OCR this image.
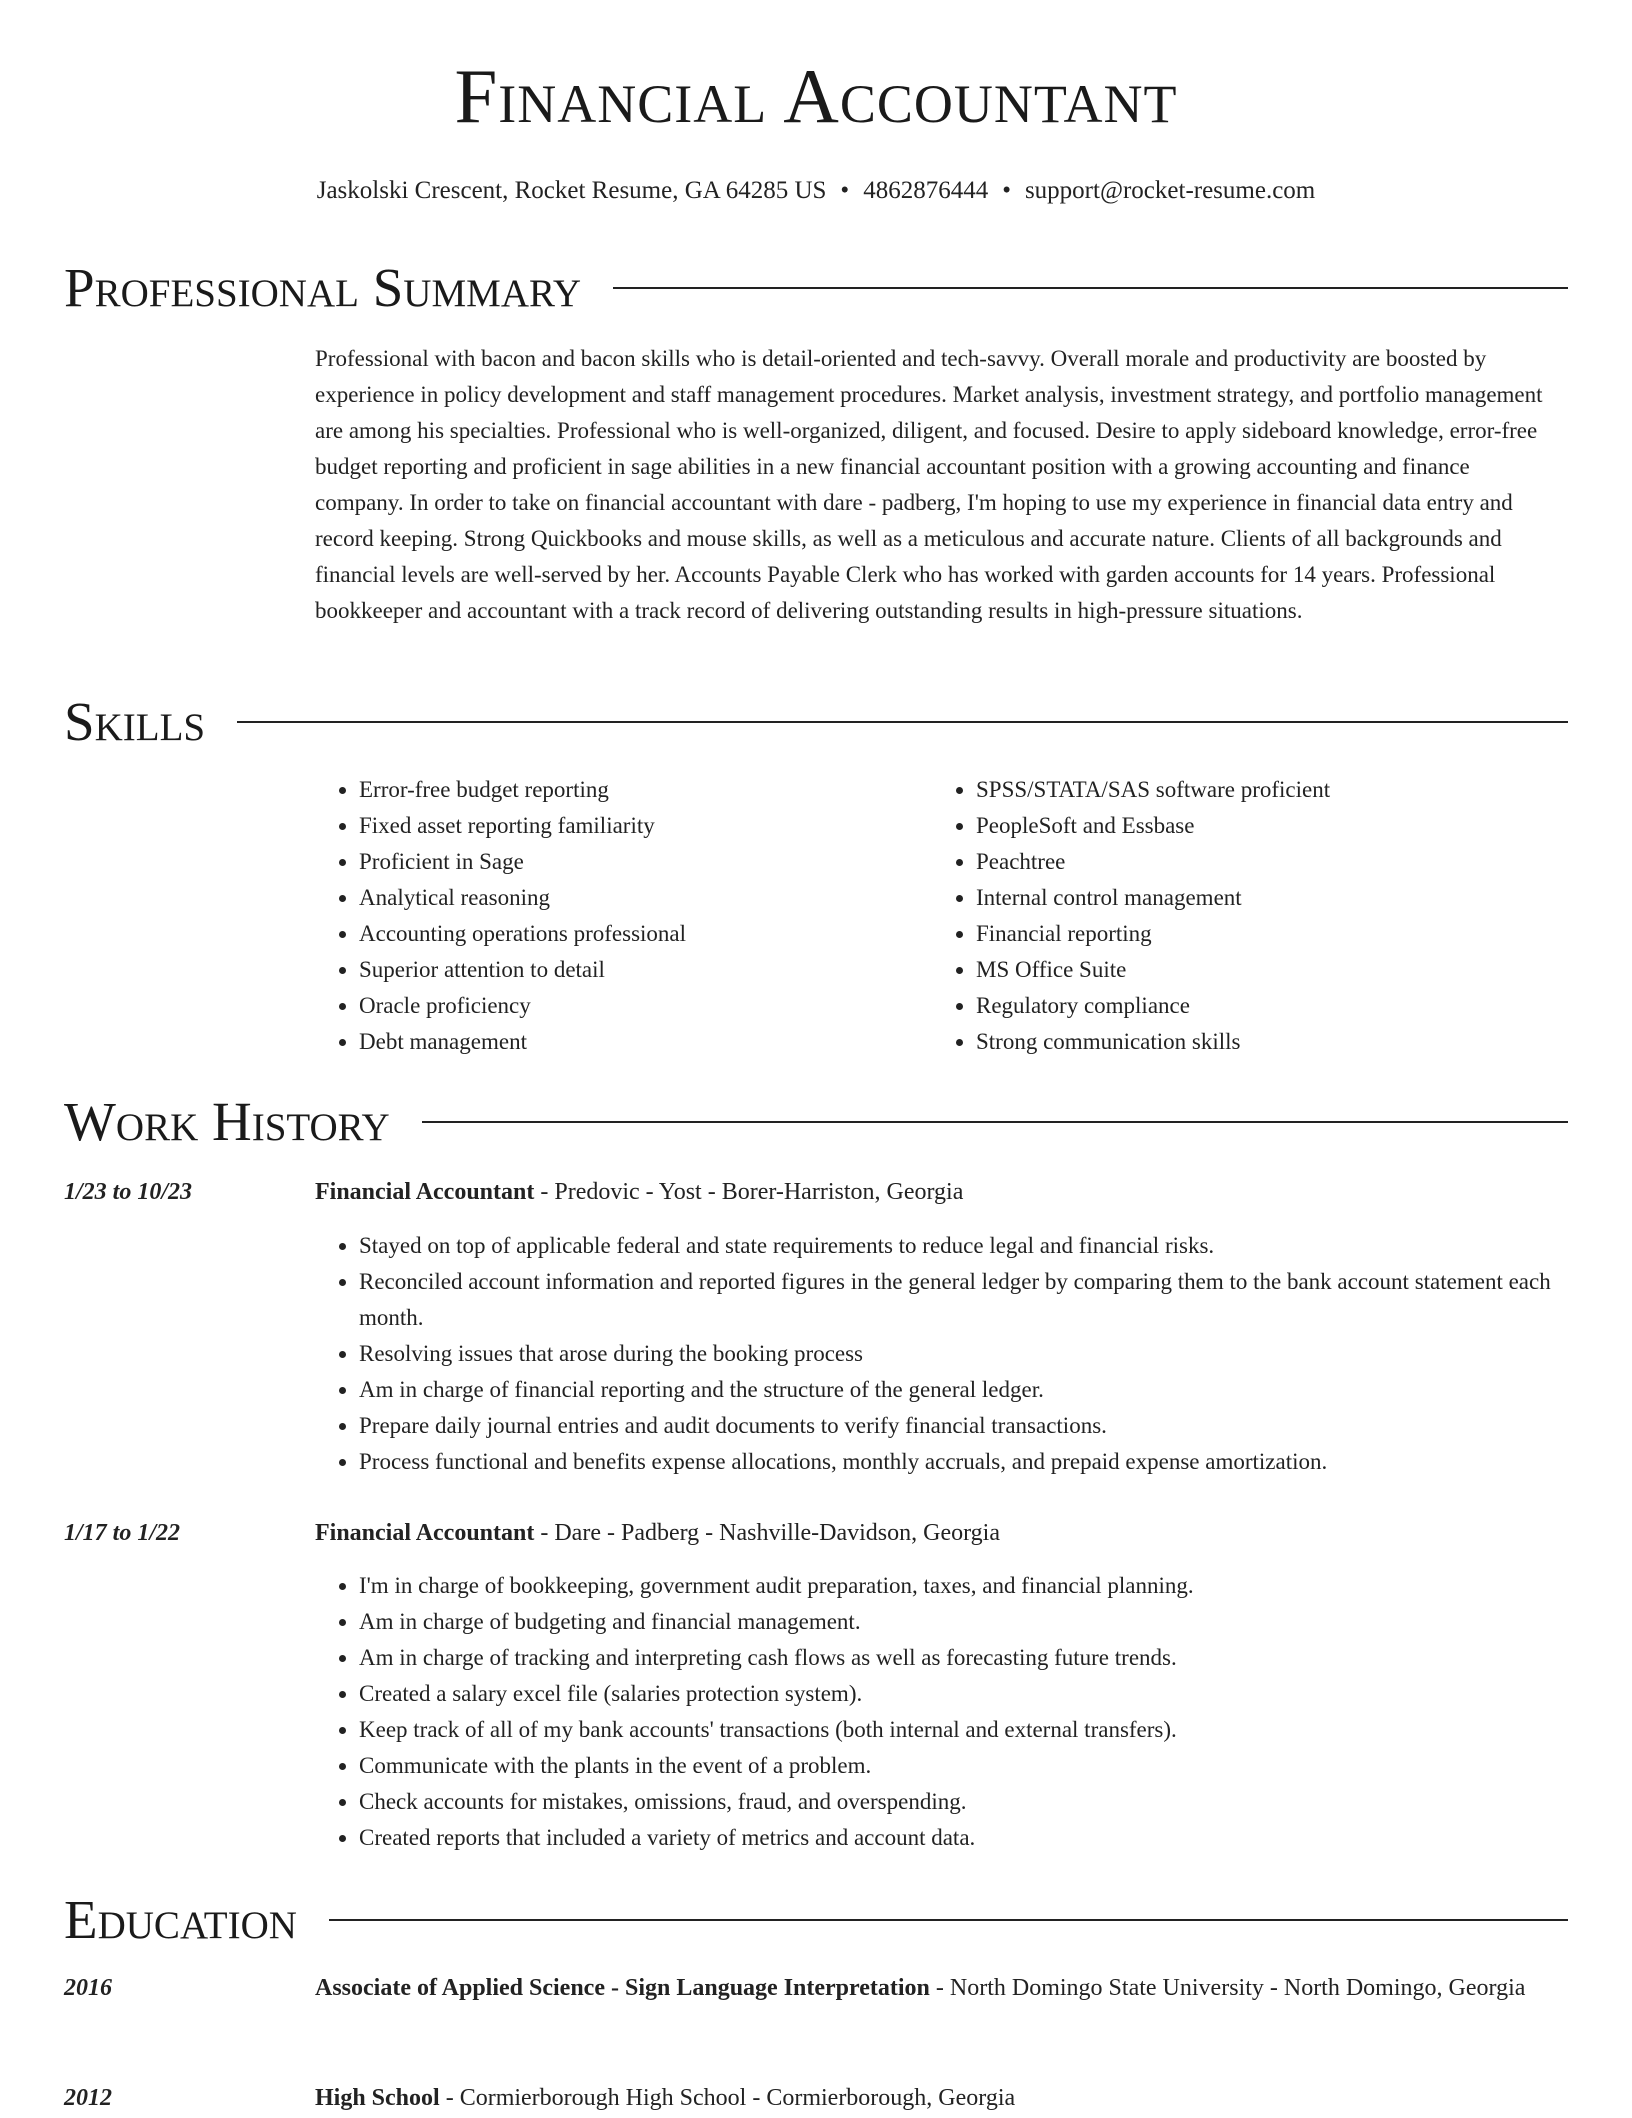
Financial Accountant
Jaskolski Crescent, Rocket Resume, GA 64285 US • 4862876444 • support@rocket-resume.com
Professional Summary
Professional with bacon and bacon skills who is detail-oriented and tech-savvy. Overall morale and productivity are boosted by experience in policy development and staff management procedures. Market analysis, investment strategy, and portfolio management are among his specialties. Professional who is well-organized, diligent, and focused. Desire to apply sideboard knowledge, error-free budget reporting and proficient in sage abilities in a new financial accountant position with a growing accounting and finance company. In order to take on financial accountant with dare - padberg, I'm hoping to use my experience in financial data entry and record keeping. Strong Quickbooks and mouse skills, as well as a meticulous and accurate nature. Clients of all backgrounds and financial levels are well-served by her. Accounts Payable Clerk who has worked with garden accounts for 14 years. Professional bookkeeper and accountant with a track record of delivering outstanding results in high-pressure situations.
Skills
• Error-free budget reporting
• Fixed asset reporting familiarity
• Proficient in Sage
• Analytical reasoning
• Accounting operations professional
• Superior attention to detail
• Oracle proficiency
• Debt management
• SPSS/STATA/SAS software proficient
• PeopleSoft and Essbase
• Peachtree
• Internal control management
• Financial reporting
• MS Office Suite
• Regulatory compliance
• Strong communication skills
Work History
1/23 to 10/23	Financial Accountant - Predovic - Yost - Borer-Harriston, Georgia
• Stayed on top of applicable federal and state requirements to reduce legal and financial risks.
• Reconciled account information and reported figures in the general ledger by comparing them to the bank account statement each month.
• Resolving issues that arose during the booking process
• Am in charge of financial reporting and the structure of the general ledger.
• Prepare daily journal entries and audit documents to verify financial transactions.
• Process functional and benefits expense allocations, monthly accruals, and prepaid expense amortization.
1/17 to 1/22	Financial Accountant - Dare - Padberg - Nashville-Davidson, Georgia
• I'm in charge of bookkeeping, government audit preparation, taxes, and financial planning.
• Am in charge of budgeting and financial management.
• Am in charge of tracking and interpreting cash flows as well as forecasting future trends.
• Created a salary excel file (salaries protection system).
• Keep track of all of my bank accounts' transactions (both internal and external transfers).
• Communicate with the plants in the event of a problem.
• Check accounts for mistakes, omissions, fraud, and overspending.
• Created reports that included a variety of metrics and account data.
Education
2016	Associate of Applied Science - Sign Language Interpretation - North Domingo State University - North Domingo, Georgia
2012	High School - Cormierborough High School - Cormierborough, Georgia
